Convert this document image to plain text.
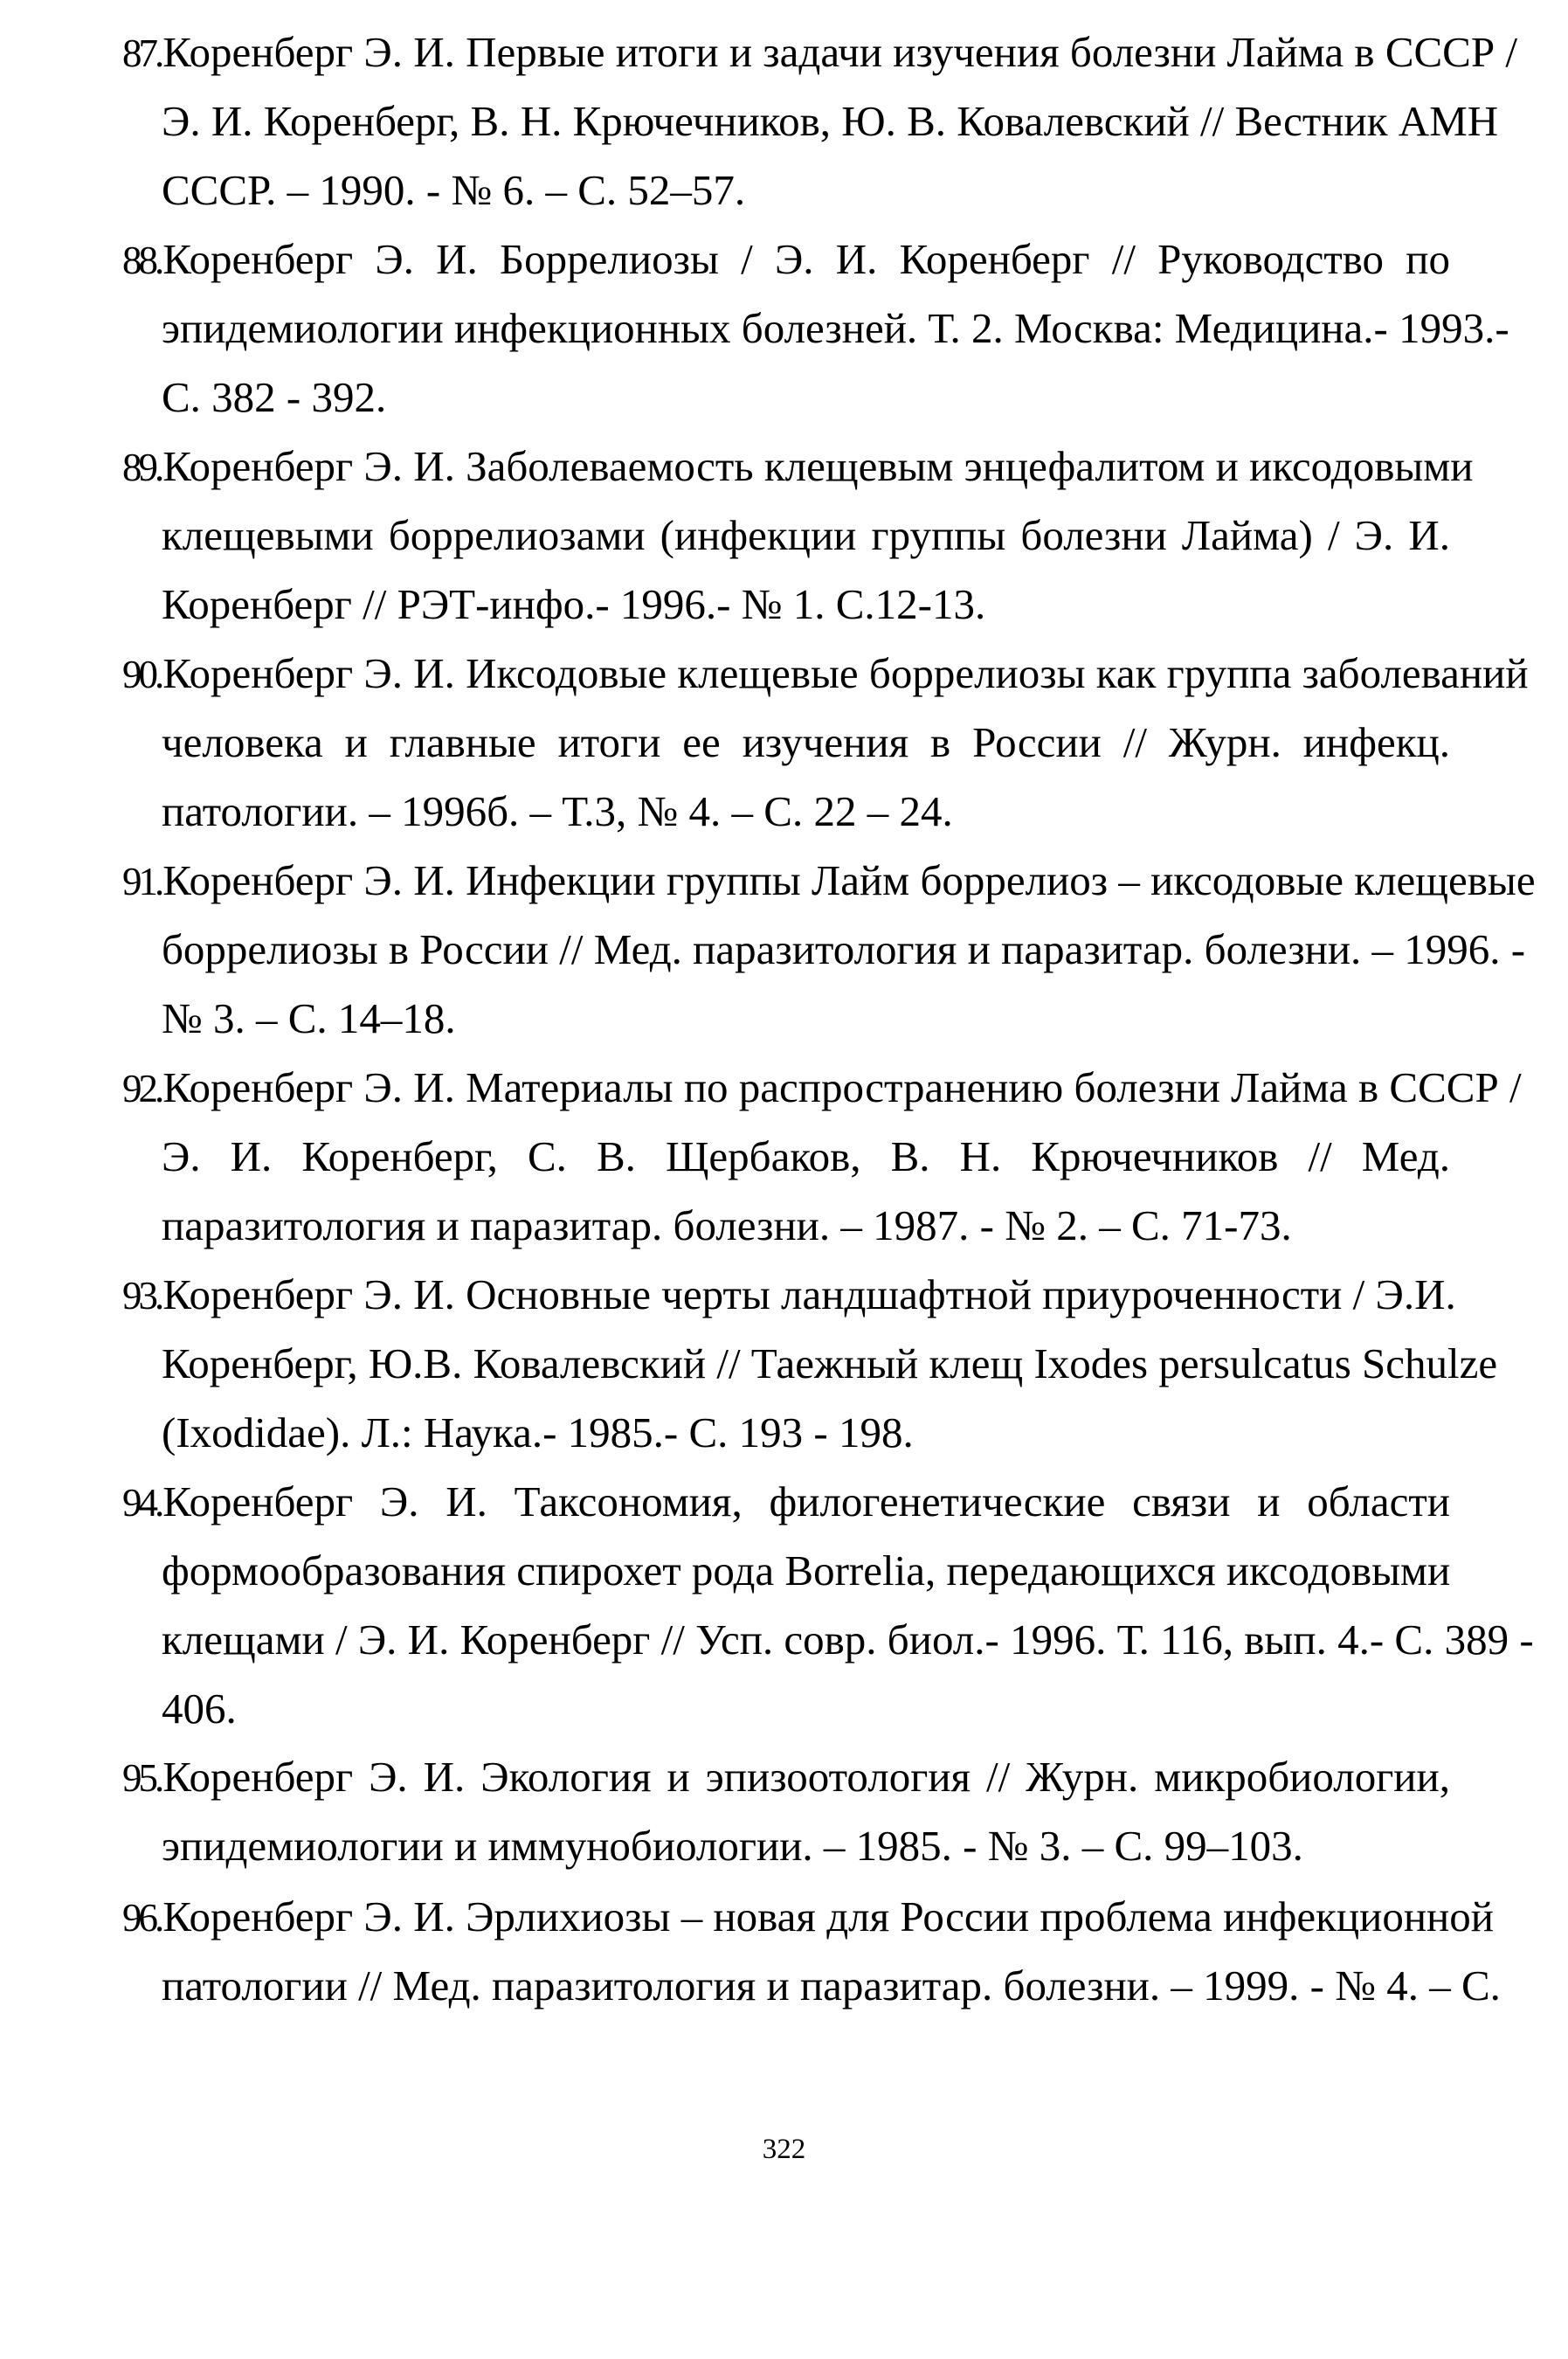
87.Коренберг Э. И. Первые итоги и задачи изучения болезни Лайма в СССР /
Э. И. Коренберг, В. Н. Крючечников, Ю. В. Ковалевский // Вестник АМН
СССР. – 1990. - № 6. – С. 52–57.
88.Коренберг Э. И. Боррелиозы / Э. И. Коренберг // Руководство по
эпидемиологии инфекционных болезней. Т. 2. Москва: Медицина.- 1993.-
С. 382 - 392.
89.Коренберг Э. И. Заболеваемость клещевым энцефалитом и иксодовыми
клещевыми боррелиозами (инфекции группы болезни Лайма) / Э. И.
Коренберг // РЭТ-инфо.- 1996.- № 1. С.12-13.
90.Коренберг Э. И. Иксодовые клещевые боррелиозы как группа заболеваний
человека и главные итоги ее изучения в России // Журн. инфекц.
патологии. – 1996б. – Т.3, № 4. – С. 22 – 24.
91.Коренберг Э. И. Инфекции группы Лайм боррелиоз – иксодовые клещевые
боррелиозы в России // Мед. паразитология и паразитар. болезни. – 1996. -
№ 3. – С. 14–18.
92.Коренберг Э. И. Материалы по распространению болезни Лайма в СССР /
Э. И. Коренберг, С. В. Щербаков, В. Н. Крючечников // Мед.
паразитология и паразитар. болезни. – 1987. - № 2. – С. 71-73.
93.Коренберг Э. И. Основные черты ландшафтной приуроченности / Э.И.
Коренберг, Ю.В. Ковалевский // Таежный клещ Ixodes persulcatus Schulze
(Ixodidae). Л.: Наука.- 1985.- С. 193 - 198.
94.Коренберг Э. И. Таксономия, филогенетические связи и области
формообразования спирохет рода Borrelia, передающихся иксодовыми
клещами / Э. И. Коренберг // Усп. совр. биол.- 1996. Т. 116, вып. 4.- С. 389 -
406.
95.Коренберг Э. И. Экология и эпизоотология // Журн. микробиологии,
эпидемиологии и иммунобиологии. – 1985. - № 3. – С. 99–103.
96.Коренберг Э. И. Эрлихиозы – новая для России проблема инфекционной
патологии // Мед. паразитология и паразитар. болезни. – 1999. - № 4. – С.
322
